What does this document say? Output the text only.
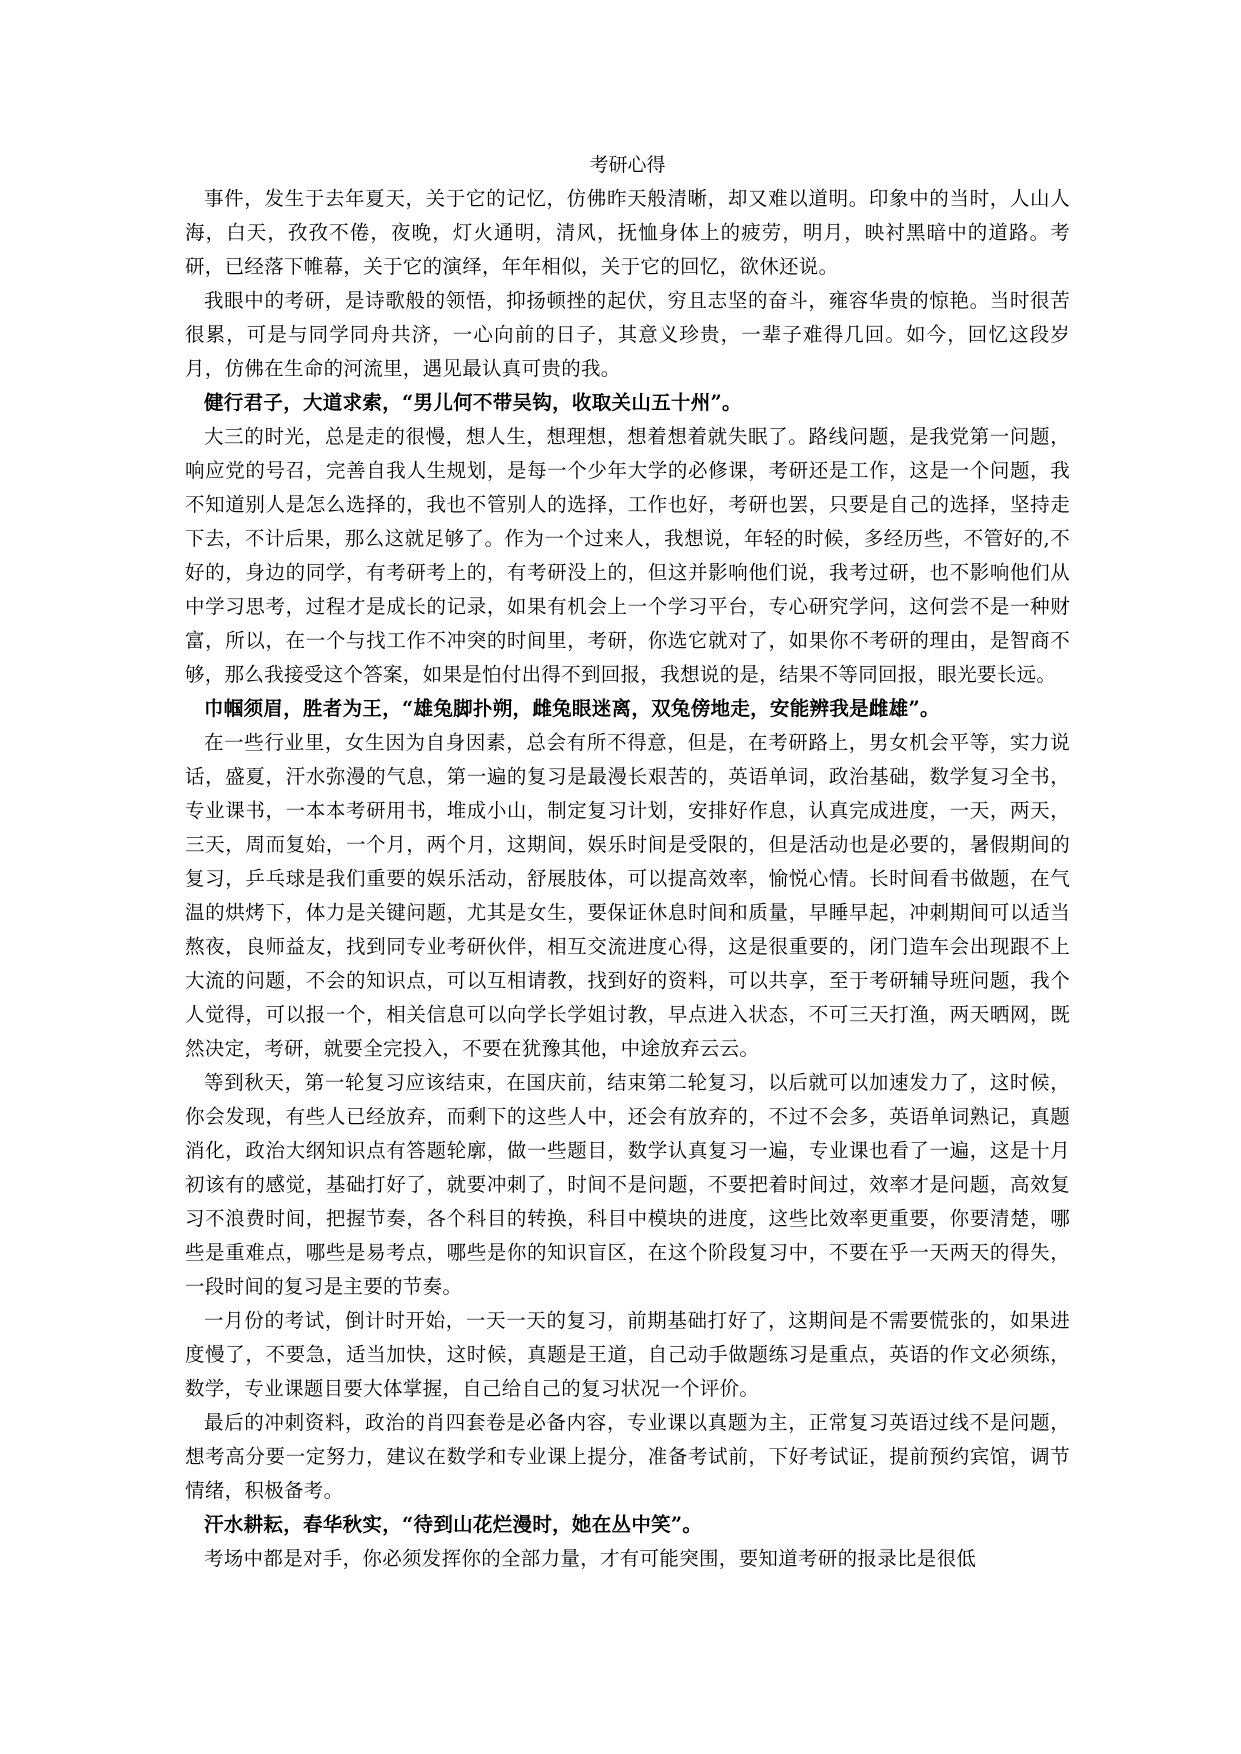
考研心得

事件，发生于去年夏天，关于它的记忆，仿佛昨天般清晰，却又难以道明。印象中的当时，人山人海，白天，孜孜不倦，夜晚，灯火通明，清风，抚恤身体上的疲劳，明月，映衬黑暗中的道路。考研，已经落下帷幕，关于它的演绎，年年相似，关于它的回忆，欲休还说。

我眼中的考研，是诗歌般的领悟，抑扬顿挫的起伏，穷且志坚的奋斗，雍容华贵的惊艳。当时很苦很累，可是与同学同舟共济，一心向前的日子，其意义珍贵，一辈子难得几回。如今，回忆这段岁月，仿佛在生命的河流里，遇见最认真可贵的我。

健行君子，大道求索，“男儿何不带吴钩，收取关山五十州”。

大三的时光，总是走的很慢，想人生，想理想，想着想着就失眠了。路线问题，是我党第一问题，响应党的号召，完善自我人生规划，是每一个少年大学的必修课，考研还是工作，这是一个问题，我不知道别人是怎么选择的，我也不管别人的选择，工作也好，考研也罢，只要是自己的选择，坚持走下去，不计后果，那么这就足够了。作为一个过来人，我想说，年轻的时候，多经历些，不管好的,不好的，身边的同学，有考研考上的，有考研没上的，但这并影响他们说，我考过研，也不影响他们从中学习思考，过程才是成长的记录，如果有机会上一个学习平台，专心研究学问，这何尝不是一种财富，所以，在一个与找工作不冲突的时间里，考研，你选它就对了，如果你不考研的理由，是智商不够，那么我接受这个答案，如果是怕付出得不到回报，我想说的是，结果不等同回报，眼光要长远。

巾帼须眉，胜者为王，“雄兔脚扑朔，雌兔眼迷离，双兔傍地走，安能辨我是雌雄”。

在一些行业里，女生因为自身因素，总会有所不得意，但是，在考研路上，男女机会平等，实力说话，盛夏，汗水弥漫的气息，第一遍的复习是最漫长艰苦的，英语单词，政治基础，数学复习全书，专业课书，一本本考研用书，堆成小山，制定复习计划，安排好作息，认真完成进度，一天，两天，三天，周而复始，一个月，两个月，这期间，娱乐时间是受限的，但是活动也是必要的，暑假期间的复习，乒乓球是我们重要的娱乐活动，舒展肢体，可以提高效率，愉悦心情。长时间看书做题，在气温的烘烤下，体力是关键问题，尤其是女生，要保证休息时间和质量，早睡早起，冲刺期间可以适当熬夜，良师益友，找到同专业考研伙伴，相互交流进度心得，这是很重要的，闭门造车会出现跟不上大流的问题，不会的知识点，可以互相请教，找到好的资料，可以共享，至于考研辅导班问题，我个人觉得，可以报一个，相关信息可以向学长学姐讨教，早点进入状态，不可三天打渔，两天晒网，既然决定，考研，就要全完投入，不要在犹豫其他，中途放弃云云。

等到秋天，第一轮复习应该结束，在国庆前，结束第二轮复习，以后就可以加速发力了，这时候，你会发现，有些人已经放弃，而剩下的这些人中，还会有放弃的，不过不会多，英语单词熟记，真题消化，政治大纲知识点有答题轮廓，做一些题目，数学认真复习一遍，专业课也看了一遍，这是十月初该有的感觉，基础打好了，就要冲刺了，时间不是问题，不要把着时间过，效率才是问题，高效复习不浪费时间，把握节奏，各个科目的转换，科目中模块的进度，这些比效率更重要，你要清楚，哪些是重难点，哪些是易考点，哪些是你的知识盲区，在这个阶段复习中，不要在乎一天两天的得失，一段时间的复习是主要的节奏。

一月份的考试，倒计时开始，一天一天的复习，前期基础打好了，这期间是不需要慌张的，如果进度慢了，不要急，适当加快，这时候，真题是王道，自己动手做题练习是重点，英语的作文必须练，数学，专业课题目要大体掌握，自己给自己的复习状况一个评价。

最后的冲刺资料，政治的肖四套卷是必备内容，专业课以真题为主，正常复习英语过线不是问题，想考高分要一定努力，建议在数学和专业课上提分，准备考试前，下好考试证，提前预约宾馆，调节情绪，积极备考。

汗水耕耘，春华秋实，“待到山花烂漫时，她在丛中笑”。

考场中都是对手，你必须发挥你的全部力量，才有可能突围，要知道考研的报录比是很低
